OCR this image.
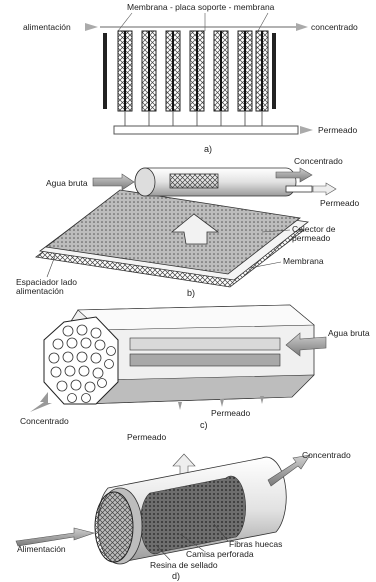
Membrana - placa soporte - membrana
alimentación	concentrado
Permeado
a)
Agua bruta
Concentrado
Permeado
Colector de permeado
Membrana
Espaciador lado alimentación	b)
Agua bruta
Concentrado
Permeado
c)
Permeado
Concentrado
Alimentación	Fibras huecas
Camisa perforada
Resina de sellado
d)
